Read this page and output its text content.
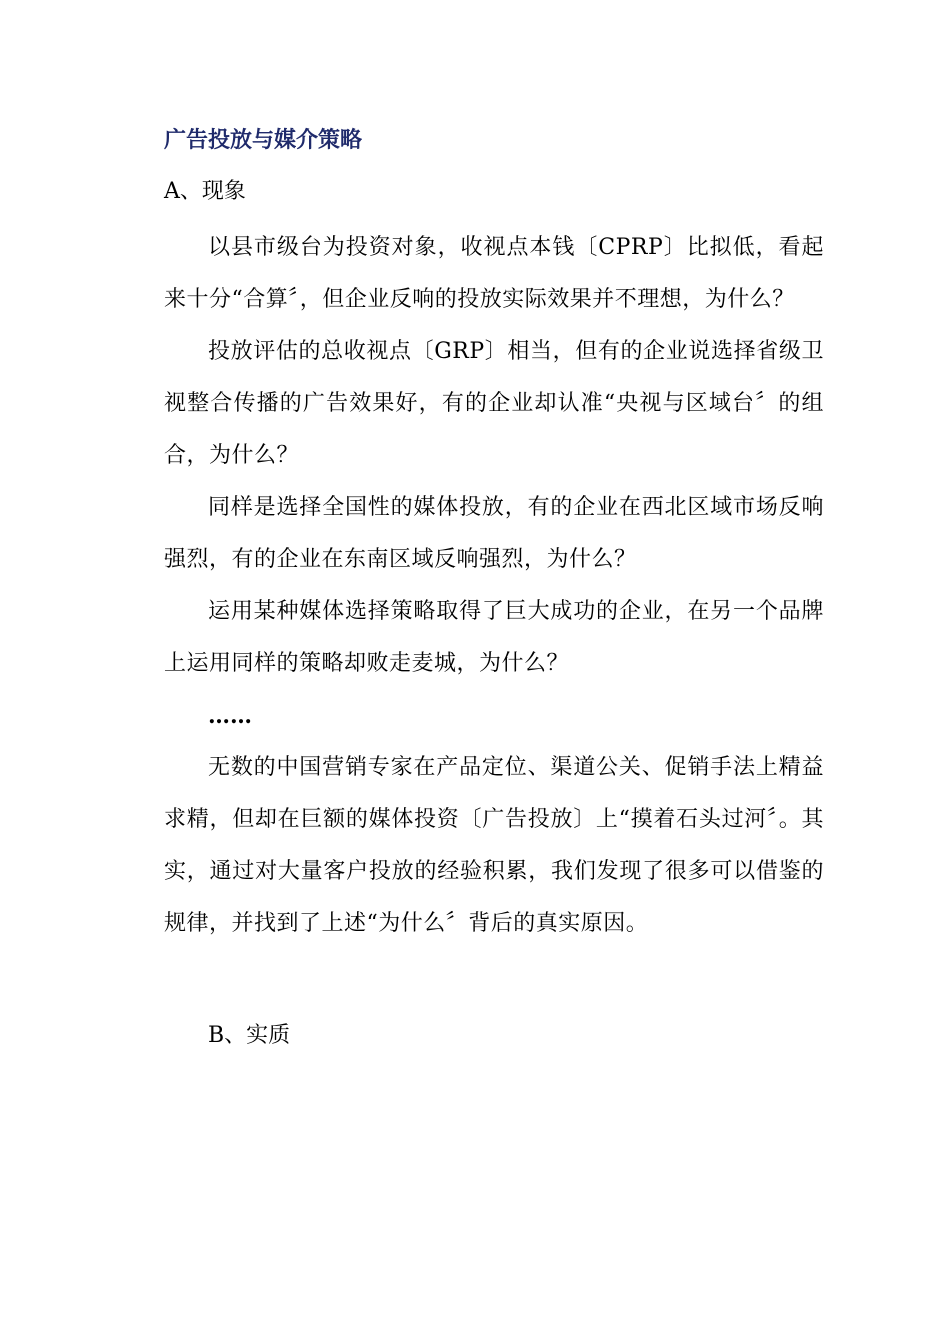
广告投放与媒介策略
A、现象

以县市级台为投资对象，收视点本钱〔CPRP〕比拟低，看起来十分“合算〞，但企业反响的投放实际效果并不理想，为什么？

投放评估的总收视点〔GRP〕相当，但有的企业说选择省级卫视整合传播的广告效果好，有的企业却认准“央视与区域台〞的组合，为什么？

同样是选择全国性的媒体投放，有的企业在西北区域市场反响强烈，有的企业在东南区域反响强烈，为什么？

运用某种媒体选择策略取得了巨大成功的企业，在另一个品牌上运用同样的策略却败走麦城，为什么？

……

无数的中国营销专家在产品定位、渠道公关、促销手法上精益求精，但却在巨额的媒体投资〔广告投放〕上“摸着石头过河〞。其实，通过对大量客户投放的经验积累，我们发现了很多可以借鉴的规律，并找到了上述“为什么〞背后的真实原因。

B、实质
